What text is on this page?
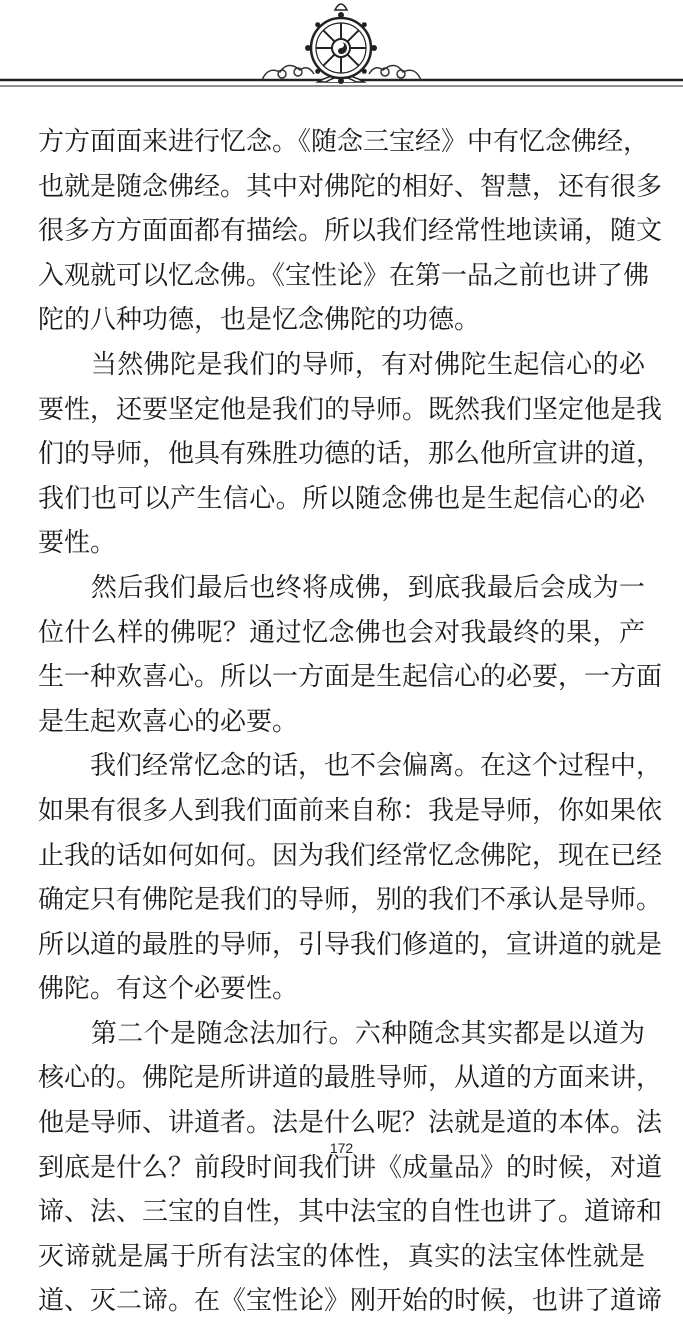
方方面面来进行忆念。《随念三宝经》中有忆念佛经，
也就是随念佛经。其中对佛陀的相好、智慧，还有很多
很多方方面面都有描绘。所以我们经常性地读诵，随文
入观就可以忆念佛。《宝性论》在第一品之前也讲了佛
陀的八种功德，也是忆念佛陀的功德。
　　当然佛陀是我们的导师，有对佛陀生起信心的必
要性，还要坚定他是我们的导师。既然我们坚定他是我
们的导师，他具有殊胜功德的话，那么他所宣讲的道，
我们也可以产生信心。所以随念佛也是生起信心的必
要性。
　　然后我们最后也终将成佛，到底我最后会成为一
位什么样的佛呢？通过忆念佛也会对我最终的果，产
生一种欢喜心。所以一方面是生起信心的必要，一方面
是生起欢喜心的必要。
　　我们经常忆念的话，也不会偏离。在这个过程中，
如果有很多人到我们面前来自称：我是导师，你如果依
止我的话如何如何。因为我们经常忆念佛陀，现在已经
确定只有佛陀是我们的导师，别的我们不承认是导师。
所以道的最胜的导师，引导我们修道的，宣讲道的就是
佛陀。有这个必要性。
　　第二个是随念法加行。六种随念其实都是以道为
核心的。佛陀是所讲道的最胜导师，从道的方面来讲，
他是导师、讲道者。法是什么呢？法就是道的本体。法
到底是什么？前段时间我们讲《成量品》的时候，对道
谛、法、三宝的自性，其中法宝的自性也讲了。道谛和
灭谛就是属于所有法宝的体性，真实的法宝体性就是
道、灭二谛。在《宝性论》刚开始的时候，也讲了道谛
172
